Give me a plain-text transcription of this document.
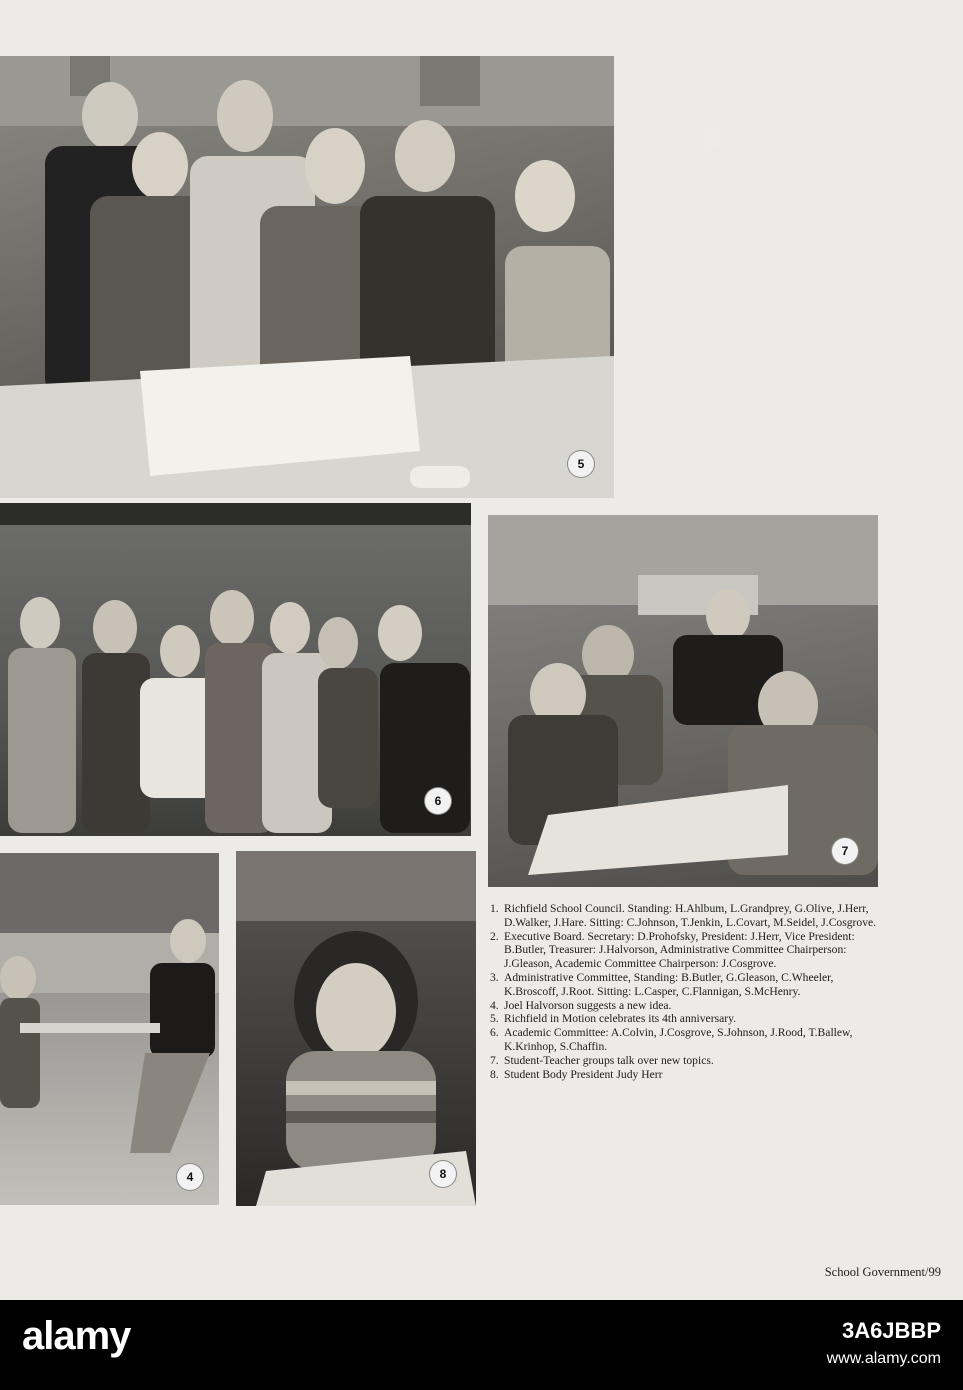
5
6
7
4	8
1. Richfield School Council. Standing: H.Ahlbum, L.Grandprey, G.Olive, J.Herr, D.Walker, J.Hare. Sitting: C.Johnson, T.Jenkin, L.Covart, M.Seidel, J.Cosgrove.
2. Executive Board. Secretary: D.Prohofsky, President: J.Herr, Vice President: B.Butler, Treasurer: J.Halvorson, Administrative Committee Chairperson: J.Gleason, Academic Committee Chairperson: J.Cosgrove.
3. Administrative Committee, Standing: B.Butler, G.Gleason, C.Wheeler, K.Broscoff, J.Root. Sitting: L.Casper, C.Flannigan, S.McHenry.
4. Joel Halvorson suggests a new idea.
5. Richfield in Motion celebrates its 4th anniversary.
6. Academic Committee: A.Colvin, J.Cosgrove, S.Johnson, J.Rood, T.Ballew, K.Krinhop, S.Chaffin.
7. Student-Teacher groups talk over new topics.
8. Student Body President Judy Herr
School Government/99
a
alamy	3A6JBBP
www.alamy.com
